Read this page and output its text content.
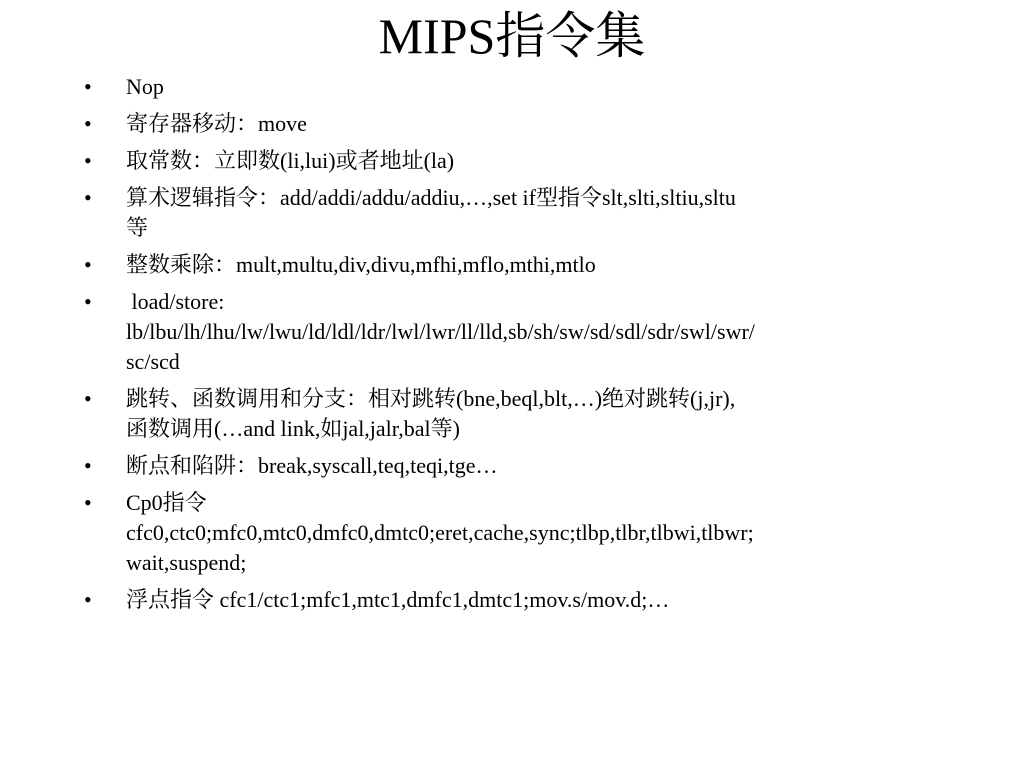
MIPS指令集
• Nop
• 寄存器移动：move
• 取常数：立即数(li,lui)或者地址(la)
• 算术逻辑指令：add/addi/addu/addiu,…,set if型指令slt,slti,sltiu,sltu
等
• 整数乘除：mult,multu,div,divu,mfhi,mflo,mthi,mtlo
• load/store:
lb/lbu/lh/lhu/lw/lwu/ld/ldl/ldr/lwl/lwr/ll/lld,sb/sh/sw/sd/sdl/sdr/swl/swr/
sc/scd
• 跳转、函数调用和分支：相对跳转(bne,beql,blt,…)绝对跳转(j,jr),
函数调用(…and link,如jal,jalr,bal等)
• 断点和陷阱：break,syscall,teq,teqi,tge…
• Cp0指令
cfc0,ctc0;mfc0,mtc0,dmfc0,dmtc0;eret,cache,sync;tlbp,tlbr,tlbwi,tlbwr;
wait,suspend;
• 浮点指令 cfc1/ctc1;mfc1,mtc1,dmfc1,dmtc1;mov.s/mov.d;…
